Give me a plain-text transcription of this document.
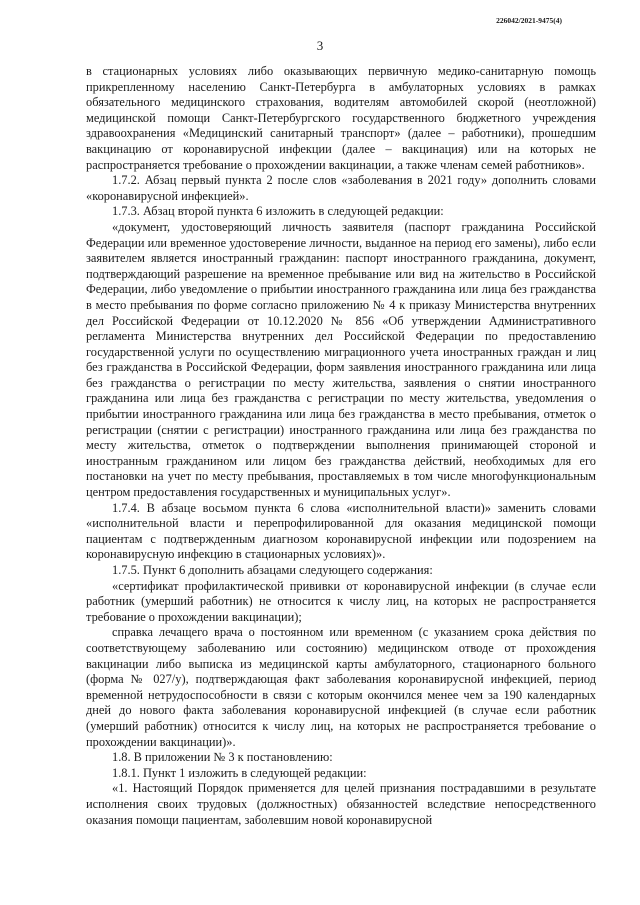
226042/2021-9475(4)
3

в стационарных условиях либо оказывающих первичную медико-санитарную помощь прикрепленному населению Санкт-Петербурга в амбулаторных условиях в рамках обязательного медицинского страхования, водителям автомобилей скорой (неотложной) медицинской помощи Санкт-Петербургского государственного бюджетного учреждения здравоохранения «Медицинский санитарный транспорт» (далее – работники), прошедшим вакцинацию от коронавирусной инфекции (далее – вакцинация) или на которых не распространяется требование о прохождении вакцинации, а также членам семей работников».

1.7.2. Абзац первый пункта 2 после слов «заболевания в 2021 году» дополнить словами «коронавирусной инфекцией».

1.7.3. Абзац второй пункта 6 изложить в следующей редакции:

«документ, удостоверяющий личность заявителя (паспорт гражданина Российской Федерации или временное удостоверение личности, выданное на период его замены), либо если заявителем является иностранный гражданин: паспорт иностранного гражданина, документ, подтверждающий разрешение на временное пребывание или вид на жительство в Российской Федерации, либо уведомление о прибытии иностранного гражданина или лица без гражданства в место пребывания по форме согласно приложению № 4 к приказу Министерства внутренних дел Российской Федерации от 10.12.2020 № 856 «Об утверждении Административного регламента Министерства внутренних дел Российской Федерации по предоставлению государственной услуги по осуществлению миграционного учета иностранных граждан и лиц без гражданства в Российской Федерации, форм заявления иностранного гражданина или лица без гражданства о регистрации по месту жительства, заявления о снятии иностранного гражданина или лица без гражданства с регистрации по месту жительства, уведомления о прибытии иностранного гражданина или лица без гражданства в место пребывания, отметок о регистрации (снятии с регистрации) иностранного гражданина или лица без гражданства по месту жительства, отметок о подтверждении выполнения принимающей стороной и иностранным гражданином или лицом без гражданства действий, необходимых для его постановки на учет по месту пребывания, проставляемых в том числе многофункциональным центром предоставления государственных и муниципальных услуг».

1.7.4. В абзаце восьмом пункта 6 слова «исполнительной власти)» заменить словами «исполнительной власти и перепрофилированной для оказания медицинской помощи пациентам с подтвержденным диагнозом коронавирусной инфекции или подозрением на коронавирусную инфекцию в стационарных условиях)».

1.7.5. Пункт 6 дополнить абзацами следующего содержания:

«сертификат профилактической прививки от коронавирусной инфекции (в случае если работник (умерший работник) не относится к числу лиц, на которых не распространяется требование о прохождении вакцинации);

справка лечащего врача о постоянном или временном (с указанием срока действия по соответствующему заболеванию или состоянию) медицинском отводе от прохождения вакцинации либо выписка из медицинской карты амбулаторного, стационарного больного (форма № 027/у), подтверждающая факт заболевания коронавирусной инфекцией, период временной нетрудоспособности в связи с которым окончился менее чем за 190 календарных дней до нового факта заболевания коронавирусной инфекцией (в случае если работник (умерший работник) относится к числу лиц, на которых не распространяется требование о прохождении вакцинации)».

1.8. В приложении № 3 к постановлению:

1.8.1. Пункт 1 изложить в следующей редакции:

«1. Настоящий Порядок применяется для целей признания пострадавшими в результате исполнения своих трудовых (должностных) обязанностей вследствие непосредственного оказания помощи пациентам, заболевшим новой коронавирусной
